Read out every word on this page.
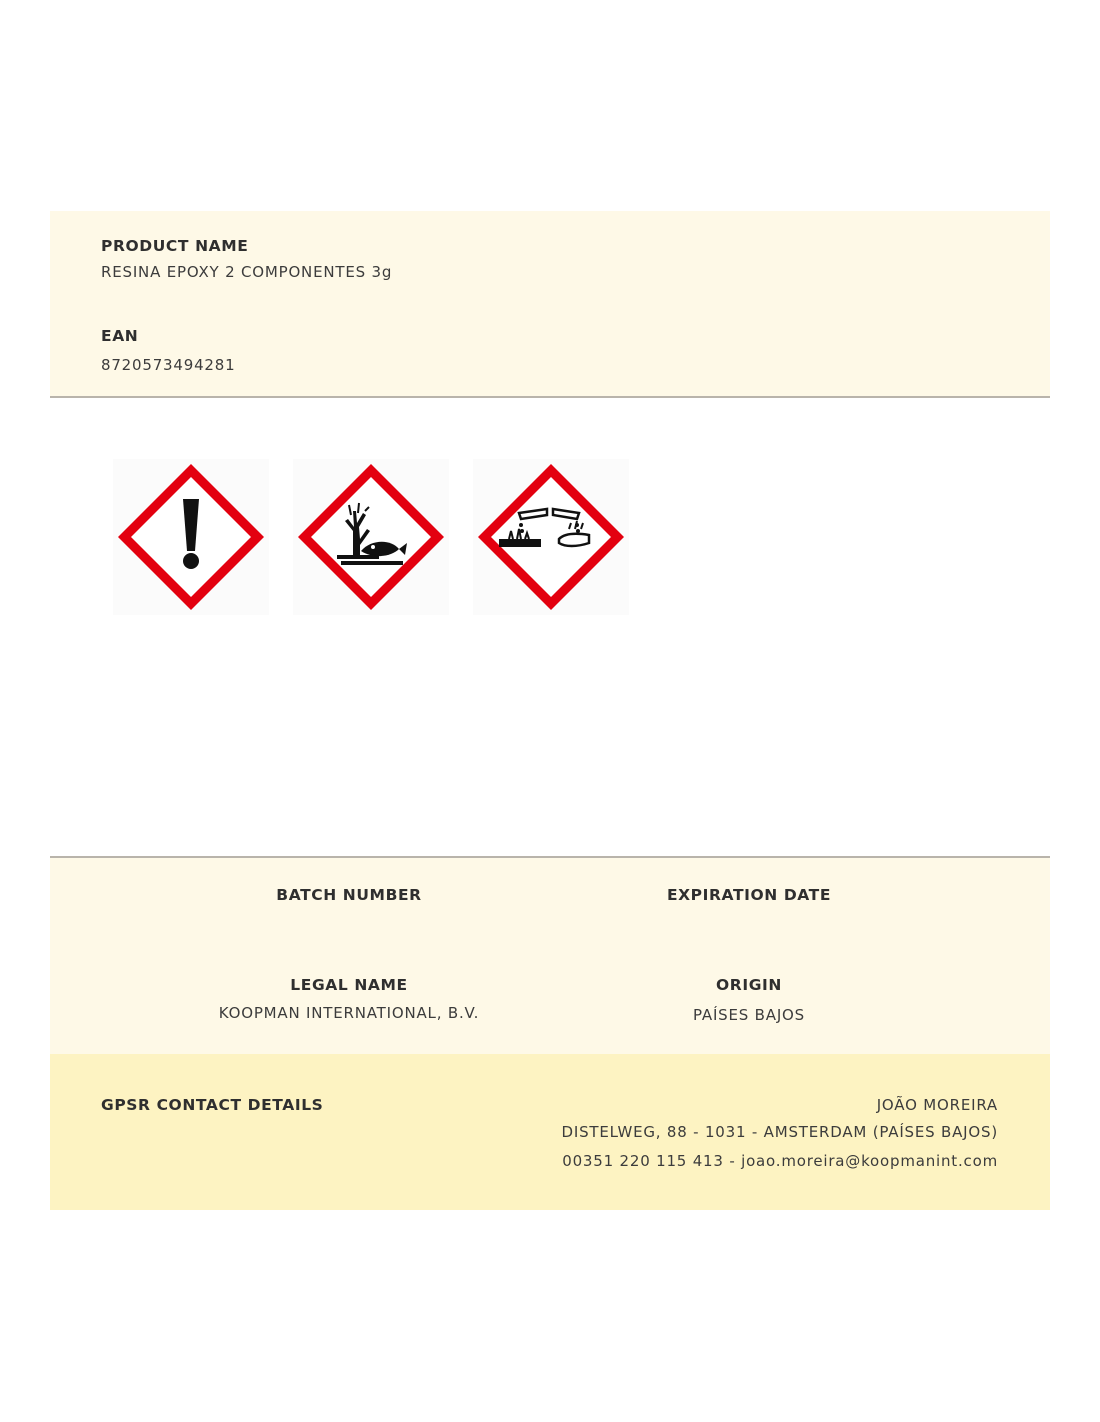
PRODUCT NAME
RESINA EPOXY 2 COMPONENTES 3g
EAN
8720573494281
BATCH NUMBER	EXPIRATION DATE
LEGAL NAME
KOOPMAN INTERNATIONAL, B.V.
ORIGIN
PAÍSES BAJOS
GPSR CONTACT DETAILS	JOÃO MOREIRA
DISTELWEG, 88 - 1031 - AMSTERDAM (PAÍSES BAJOS)
00351 220 115 413 - joao.moreira@koopmanint.com
